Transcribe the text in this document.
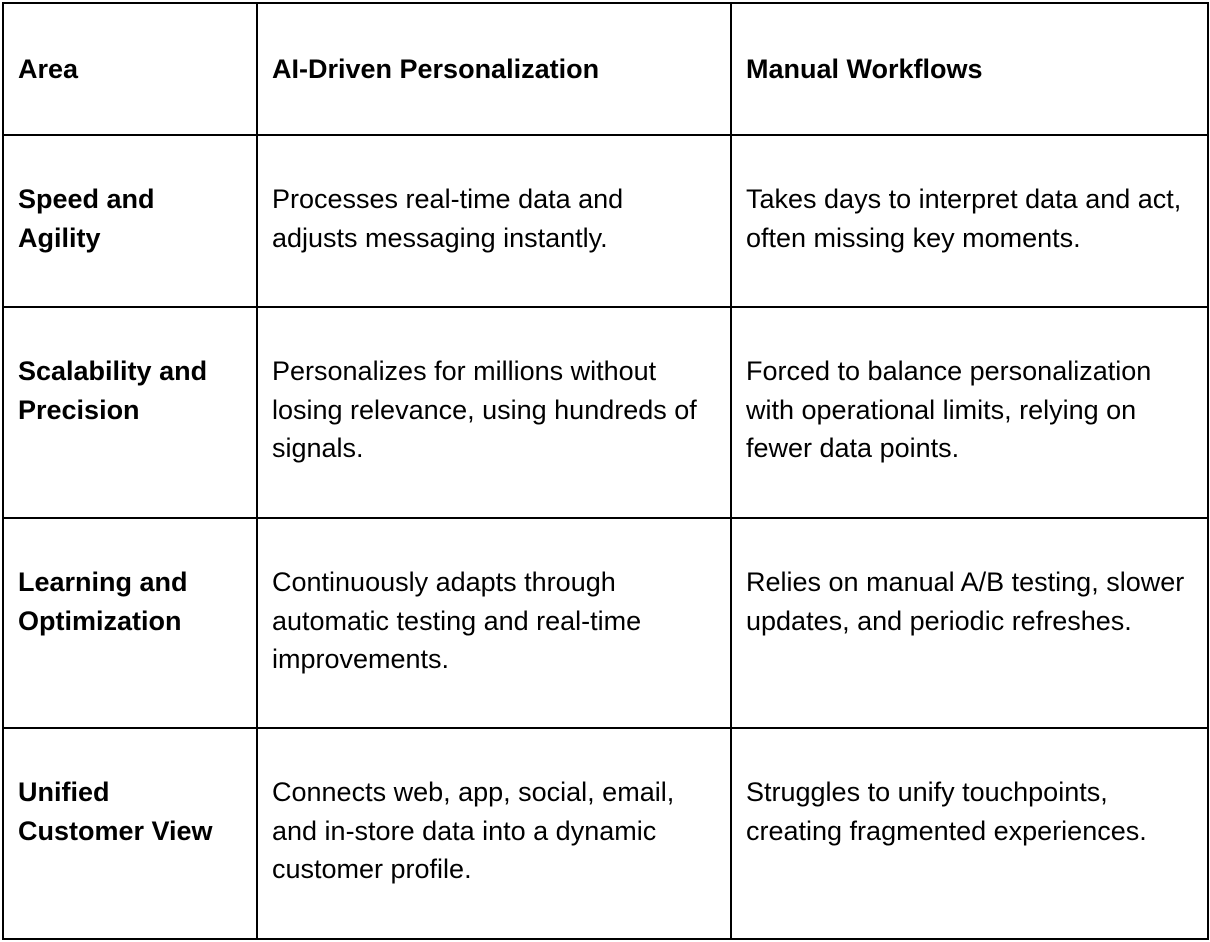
Area	AI-Driven Personalization	Manual Workflows
Speed and Agility	Processes real-time data and adjusts messaging instantly.	Takes days to interpret data and act, often missing key moments.
Scalability and Precision	Personalizes for millions without losing relevance, using hundreds of signals.	Forced to balance personalization with operational limits, relying on fewer data points.
Learning and Optimization	Continuously adapts through automatic testing and real-time improvements.	Relies on manual A/B testing, slower updates, and periodic refreshes.
Unified Customer View	Connects web, app, social, email, and in-store data into a dynamic customer profile.	Struggles to unify touchpoints, creating fragmented experiences.
